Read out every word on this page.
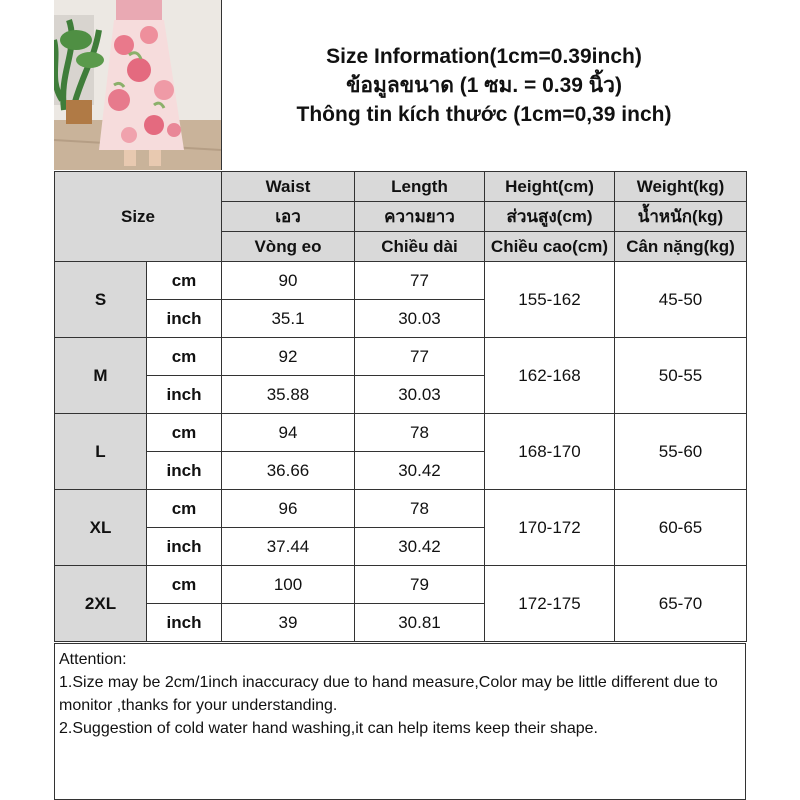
Size Information(1cm=0.39inch)
ข้อมูลขนาด (1 ซม. = 0.39 นิ้ว)
Thông tin kích thước (1cm=0,39 inch)
Size		Waist	Length	Height(cm)	Weight(kg)
		เอว	ความยาว	ส่วนสูง(cm)	น้ำหนัก(kg)
		Vòng eo	Chiều dài	Chiều cao(cm)	Cân nặng(kg)
S	cm	90	77	155-162	45-50
	inch	35.1	30.03		
M	cm	92	77	162-168	50-55
	inch	35.88	30.03		
L	cm	94	78	168-170	55-60
	inch	36.66	30.42		
XL	cm	96	78	170-172	60-65
	inch	37.44	30.42		
2XL	cm	100	79	172-175	65-70
	inch	39	30.81		

Attention:

1.Size may be 2cm/1inch inaccuracy due to hand measure,Color may be little different due to monitor ,thanks for your understanding.

2.Suggestion of cold water hand washing,it can help items keep their shape.
